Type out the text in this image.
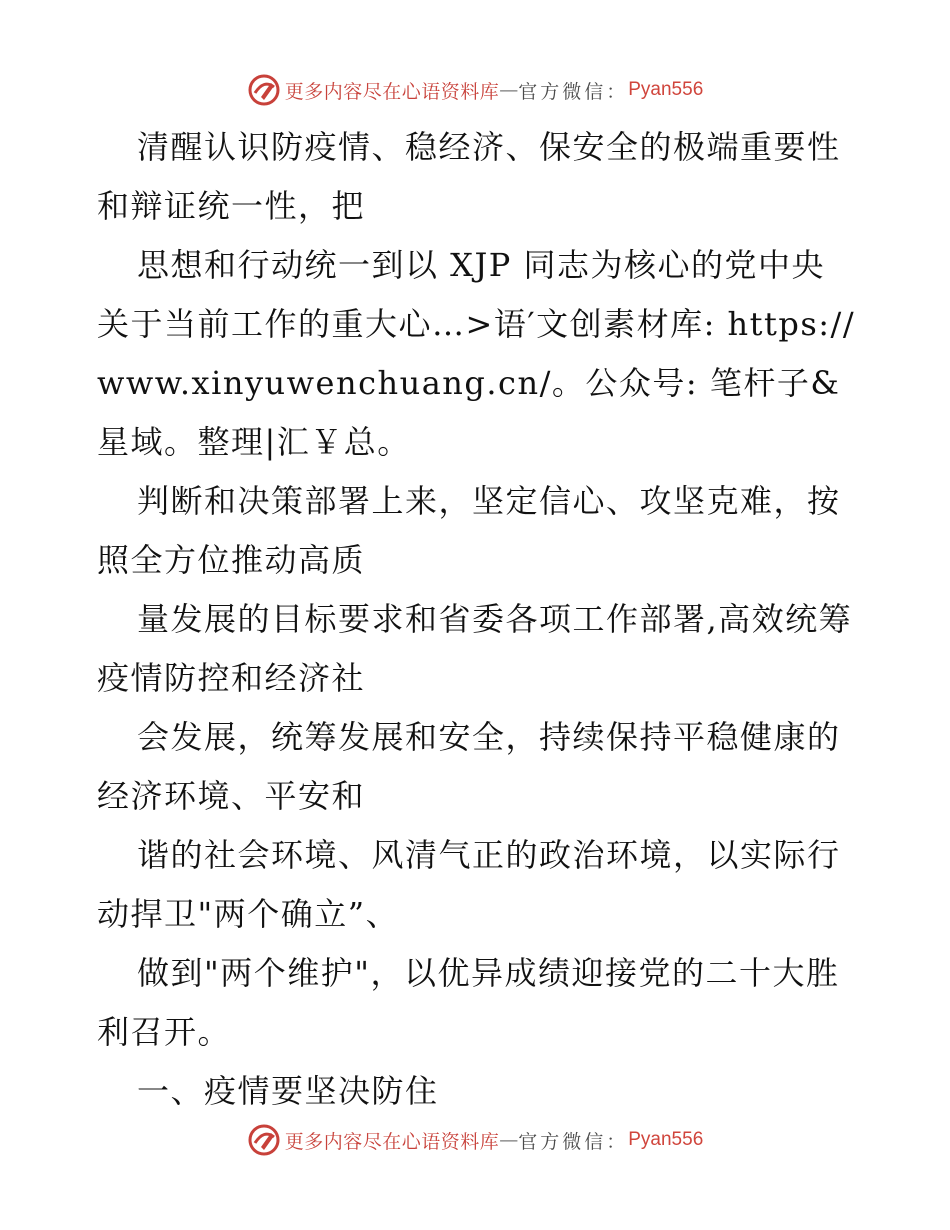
更多内容尽在心语资料库 — 官方微信： Pyan556

清醒认识防疫情、稳经济、保安全的极端重要性和辩证统一性，把

思想和行动统一到以 XJP 同志为核心的党中央关于当前工作的重大心…>语′文创素材库: https://www.xinyuwenchuang.cn/。公众号: 笔杆子&星域。整理|汇￥总。

判断和决策部署上来，坚定信心、攻坚克难，按照全方位推动高质

量发展的目标要求和省委各项工作部署,高效统筹疫情防控和经济社

会发展，统筹发展和安全，持续保持平稳健康的经济环境、平安和

谐的社会环境、风清气正的政治环境，以实际行动捍卫"两个确立”、

做到"两个维护"，以优异成绩迎接党的二十大胜利召开。

一、疫情要坚决防住

更多内容尽在心语资料库 — 官方微信： Pyan556
